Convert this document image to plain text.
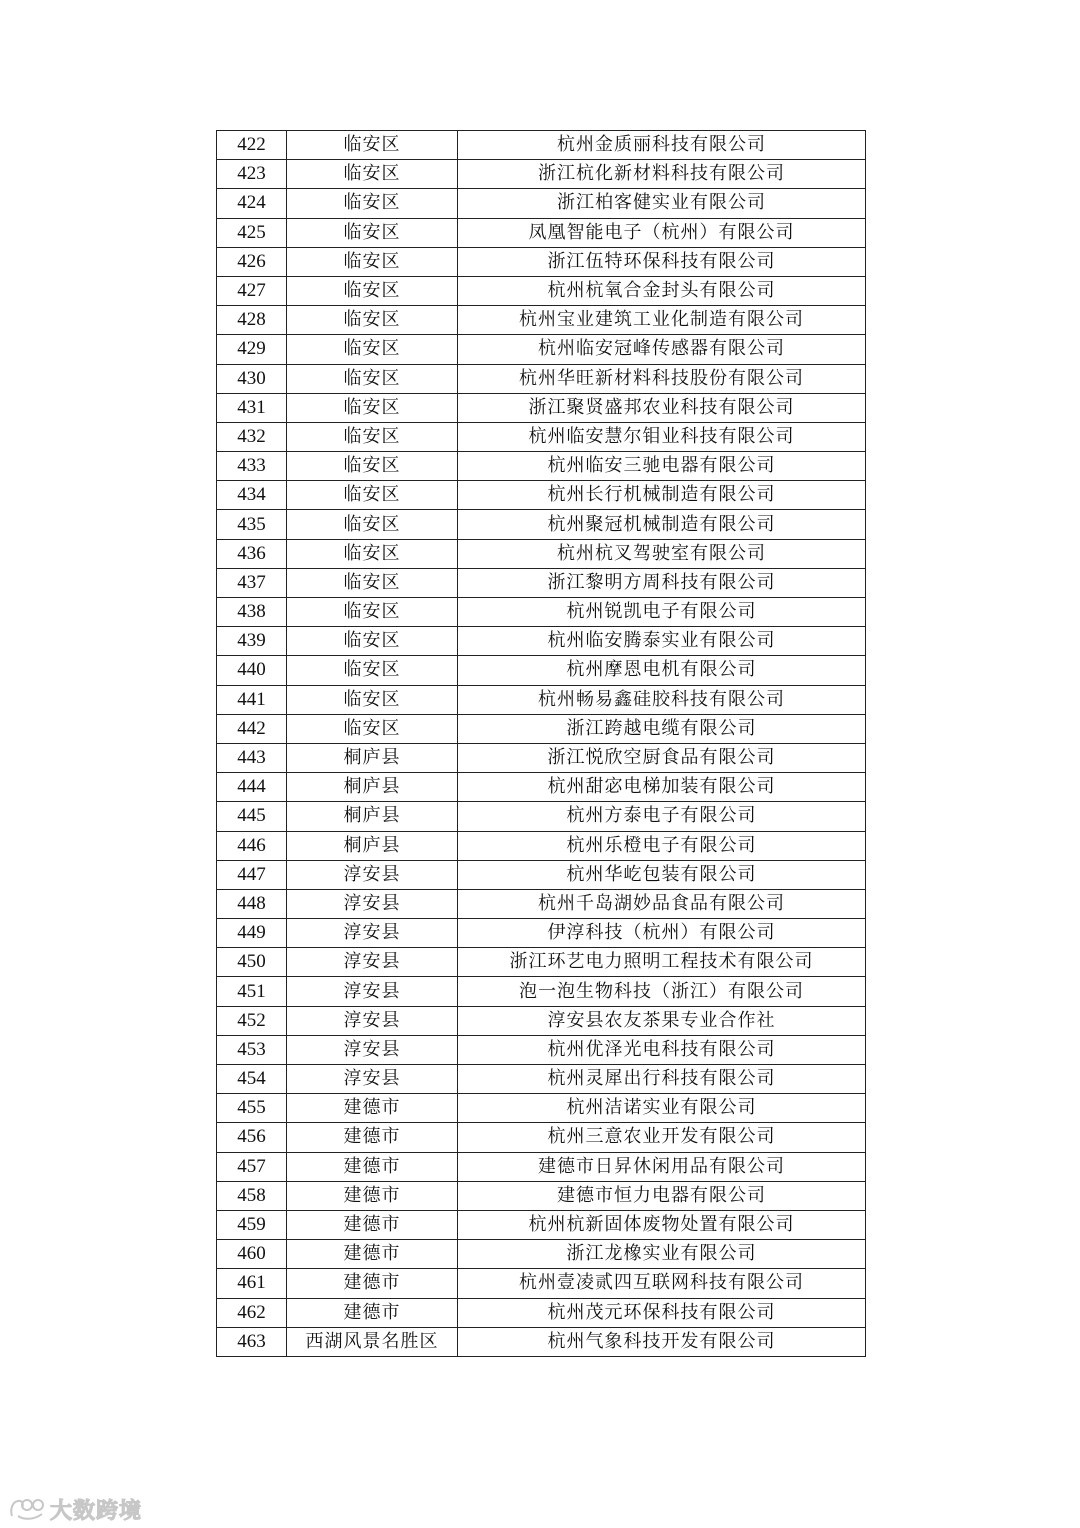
422	临安区	杭州金质丽科技有限公司
423	临安区	浙江杭化新材料科技有限公司
424	临安区	浙江柏客健实业有限公司
425	临安区	凤凰智能电子（杭州）有限公司
426	临安区	浙江伍特环保科技有限公司
427	临安区	杭州杭氧合金封头有限公司
428	临安区	杭州宝业建筑工业化制造有限公司
429	临安区	杭州临安冠峰传感器有限公司
430	临安区	杭州华旺新材料科技股份有限公司
431	临安区	浙江聚贤盛邦农业科技有限公司
432	临安区	杭州临安慧尔钼业科技有限公司
433	临安区	杭州临安三驰电器有限公司
434	临安区	杭州长行机械制造有限公司
435	临安区	杭州聚冠机械制造有限公司
436	临安区	杭州杭叉驾驶室有限公司
437	临安区	浙江黎明方周科技有限公司
438	临安区	杭州锐凯电子有限公司
439	临安区	杭州临安腾泰实业有限公司
440	临安区	杭州摩恩电机有限公司
441	临安区	杭州畅易鑫硅胶科技有限公司
442	临安区	浙江跨越电缆有限公司
443	桐庐县	浙江悦欣空厨食品有限公司
444	桐庐县	杭州甜宓电梯加装有限公司
445	桐庐县	杭州方泰电子有限公司
446	桐庐县	杭州乐橙电子有限公司
447	淳安县	杭州华屹包装有限公司
448	淳安县	杭州千岛湖妙品食品有限公司
449	淳安县	伊淳科技（杭州）有限公司
450	淳安县	浙江环艺电力照明工程技术有限公司
451	淳安县	泡一泡生物科技（浙江）有限公司
452	淳安县	淳安县农友茶果专业合作社
453	淳安县	杭州优泽光电科技有限公司
454	淳安县	杭州灵犀出行科技有限公司
455	建德市	杭州洁诺实业有限公司
456	建德市	杭州三意农业开发有限公司
457	建德市	建德市日昇休闲用品有限公司
458	建德市	建德市恒力电器有限公司
459	建德市	杭州杭新固体废物处置有限公司
460	建德市	浙江龙橡实业有限公司
461	建德市	杭州壹凌贰四互联网科技有限公司
462	建德市	杭州茂元环保科技有限公司
463	西湖风景名胜区	杭州气象科技开发有限公司
大数跨境
